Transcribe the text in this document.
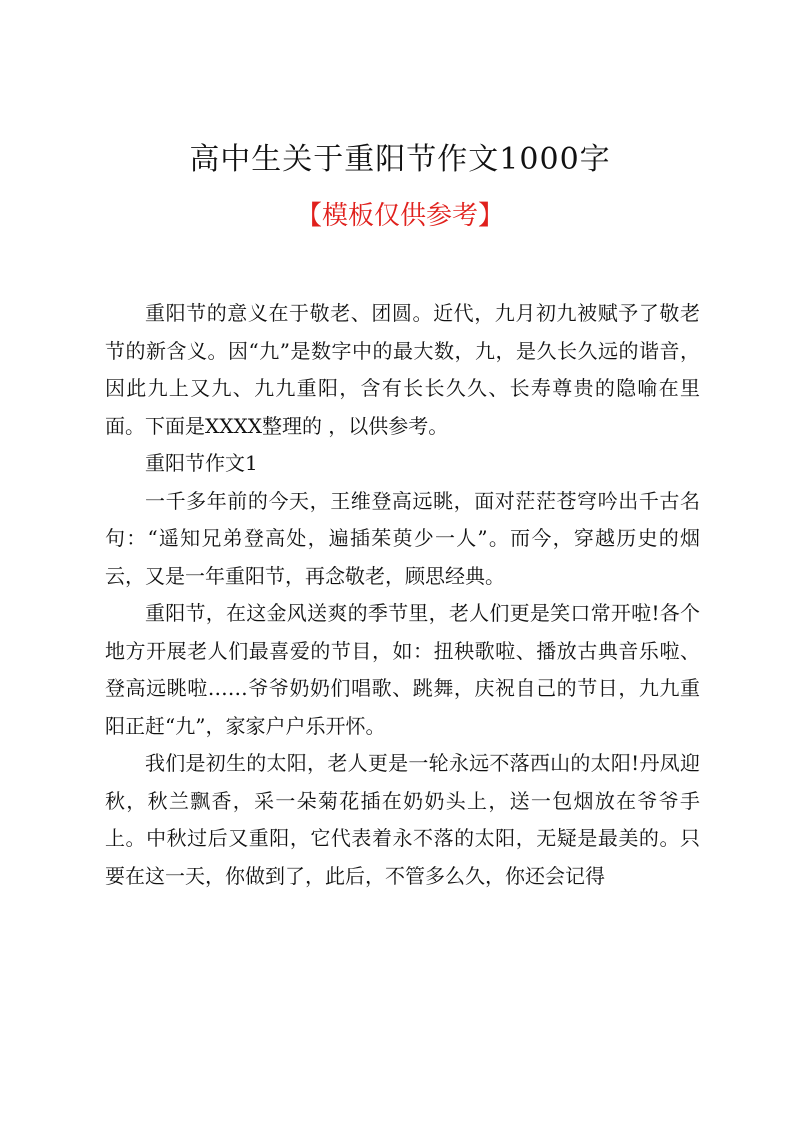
高中生关于重阳节作文1000字
【模板仅供参考】

重阳节的意义在于敬老、团圆。近代，九月初九被赋予了敬老节的新含义。因“九”是数字中的最大数，九，是久长久远的谐音，因此九上又九、九九重阳，含有长长久久、长寿尊贵的隐喻在里面。下面是XXXX整理的 ，以供参考。

重阳节作文1

一千多年前的今天，王维登高远眺，面对茫茫苍穹吟出千古名句：“遥知兄弟登高处，遍插茱萸少一人”。而今，穿越历史的烟云，又是一年重阳节，再念敬老，顾思经典。

重阳节，在这金风送爽的季节里，老人们更是笑口常开啦!各个地方开展老人们最喜爱的节目，如：扭秧歌啦、播放古典音乐啦、登高远眺啦……爷爷奶奶们唱歌、跳舞，庆祝自己的节日，九九重阳正赶“九”，家家户户乐开怀。

我们是初生的太阳，老人更是一轮永远不落西山的太阳!丹凤迎秋，秋兰飘香，采一朵菊花插在奶奶头上，送一包烟放在爷爷手上。中秋过后又重阳，它代表着永不落的太阳，无疑是最美的。只要在这一天，你做到了，此后，不管多么久，你还会记得
